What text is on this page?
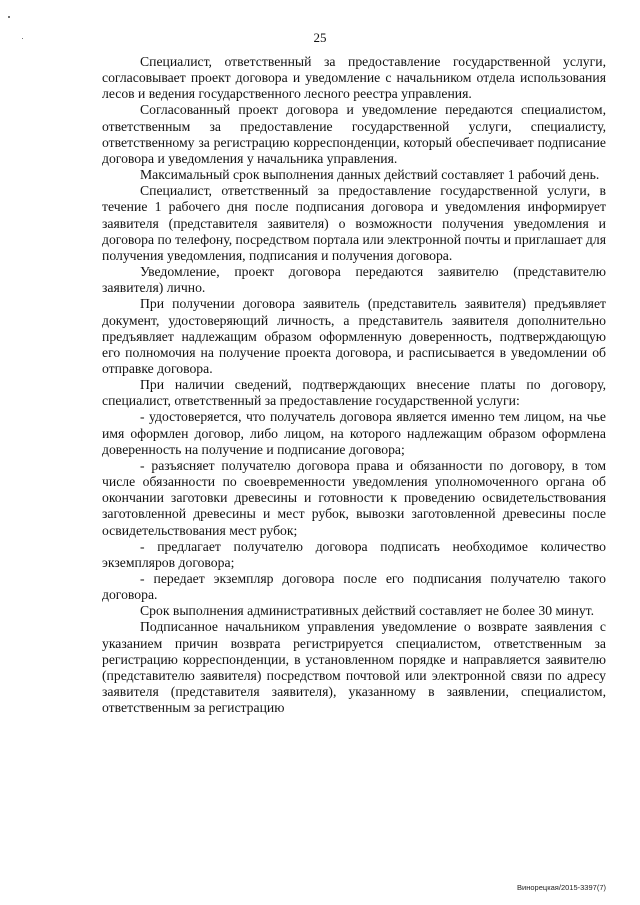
25

Специалист, ответственный за предоставление государственной услуги, согласовывает проект договора и уведомление с начальником отдела использования лесов и ведения государственного лесного реестра управления.

Согласованный проект договора и уведомление передаются специалистом, ответственным за предоставление государственной услуги, специалисту, ответственному за регистрацию корреспонденции, который обеспечивает подписание договора и уведомления у начальника управления.

Максимальный срок выполнения данных действий составляет 1 рабочий день.

Специалист, ответственный за предоставление государственной услуги, в течение 1 рабочего дня после подписания договора и уведомления информирует заявителя (представителя заявителя) о возможности получения уведомления и договора по телефону, посредством портала или электронной почты и приглашает для получения уведомления, подписания и получения договора.

Уведомление, проект договора передаются заявителю (представителю заявителя) лично.

При получении договора заявитель (представитель заявителя) предъявляет документ, удостоверяющий личность, а представитель заявителя дополнительно предъявляет надлежащим образом оформленную доверенность, подтверждающую его полномочия на получение проекта договора, и расписывается в уведомлении об отправке договора.

При наличии сведений, подтверждающих внесение платы по договору, специалист, ответственный за предоставление государственной услуги:

- удостоверяется, что получатель договора является именно тем лицом, на чье имя оформлен договор, либо лицом, на которого надлежащим образом оформлена доверенность на получение и подписание договора;

- разъясняет получателю договора права и обязанности по договору, в том числе обязанности по своевременности уведомления уполномоченного органа об окончании заготовки древесины и готовности к проведению освидетельствования заготовленной древесины и мест рубок, вывозки заготовленной древесины после освидетельствования мест рубок;

- предлагает получателю договора подписать необходимое количество экземпляров договора;

- передает экземпляр договора после его подписания получателю такого договора.

Срок выполнения административных действий составляет не более 30 минут.

Подписанное начальником управления уведомление о возврате заявления с указанием причин возврата регистрируется специалистом, ответственным за регистрацию корреспонденции, в установленном порядке и направляется заявителю (представителю заявителя) посредством почтовой или электронной связи по адресу заявителя (представителя заявителя), указанному в заявлении, специалистом, ответственным за регистрацию

Винорецкая/2015-3397(7)
